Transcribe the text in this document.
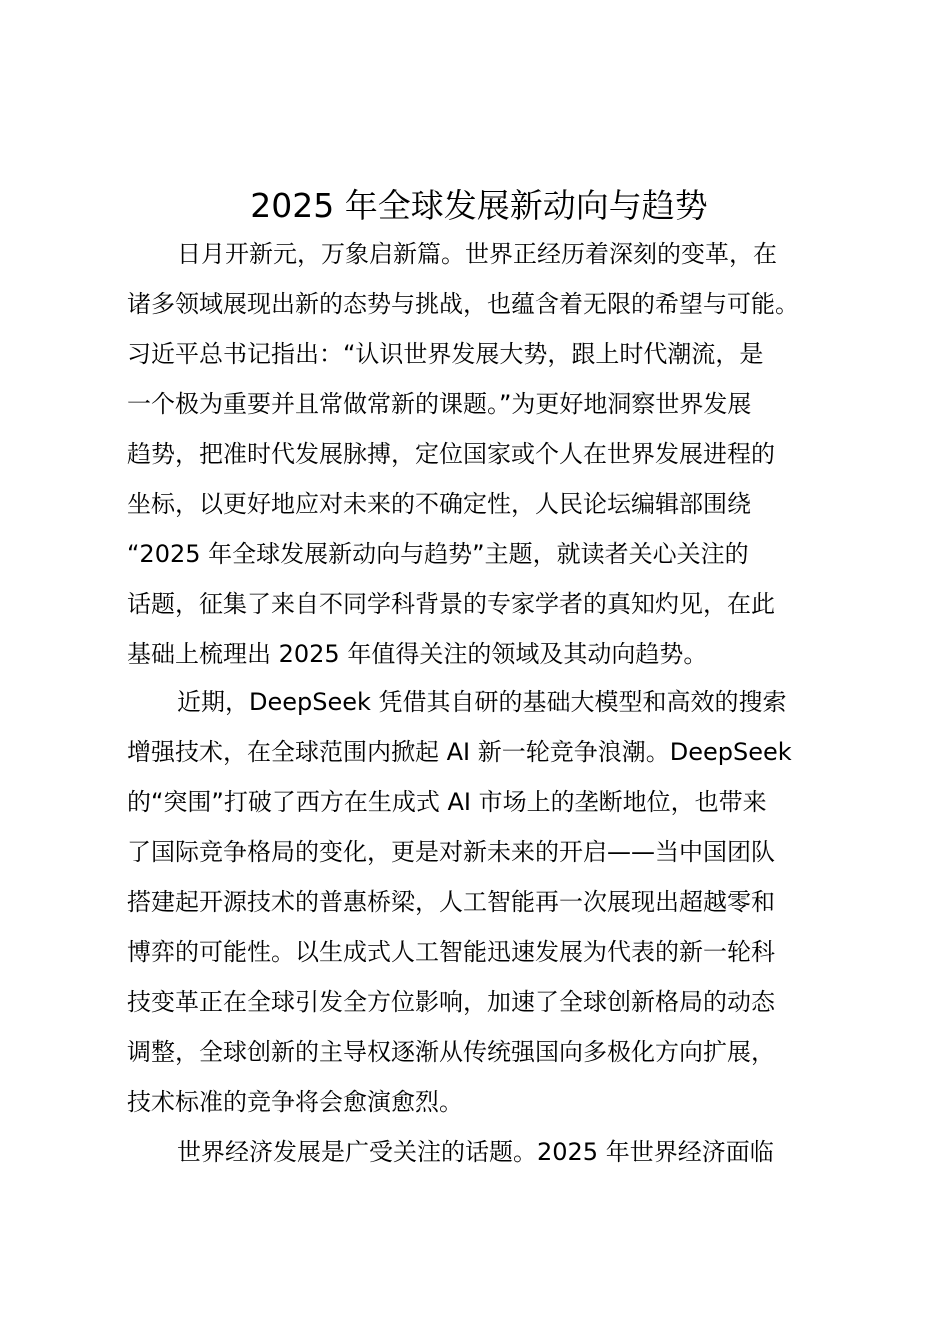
2025 年全球发展新动向与趋势
日月开新元，万象启新篇。世界正经历着深刻的变革，在
诸多领域展现出新的态势与挑战，也蕴含着无限的希望与可能。
习近平总书记指出：“认识世界发展大势，跟上时代潮流，是
一个极为重要并且常做常新的课题。”为更好地洞察世界发展
趋势，把准时代发展脉搏，定位国家或个人在世界发展进程的
坐标，以更好地应对未来的不确定性，人民论坛编辑部围绕
“2025 年全球发展新动向与趋势”主题，就读者关心关注的
话题，征集了来自不同学科背景的专家学者的真知灼见，在此
基础上梳理出 2025 年值得关注的领域及其动向趋势。
近期，DeepSeek 凭借其自研的基础大模型和高效的搜索
增强技术，在全球范围内掀起 AI 新一轮竞争浪潮。DeepSeek
的“突围”打破了西方在生成式 AI 市场上的垄断地位，也带来
了国际竞争格局的变化，更是对新未来的开启——当中国团队
搭建起开源技术的普惠桥梁，人工智能再一次展现出超越零和
博弈的可能性。以生成式人工智能迅速发展为代表的新一轮科
技变革正在全球引发全方位影响，加速了全球创新格局的动态
调整，全球创新的主导权逐渐从传统强国向多极化方向扩展，
技术标准的竞争将会愈演愈烈。
世界经济发展是广受关注的话题。2025 年世界经济面临
